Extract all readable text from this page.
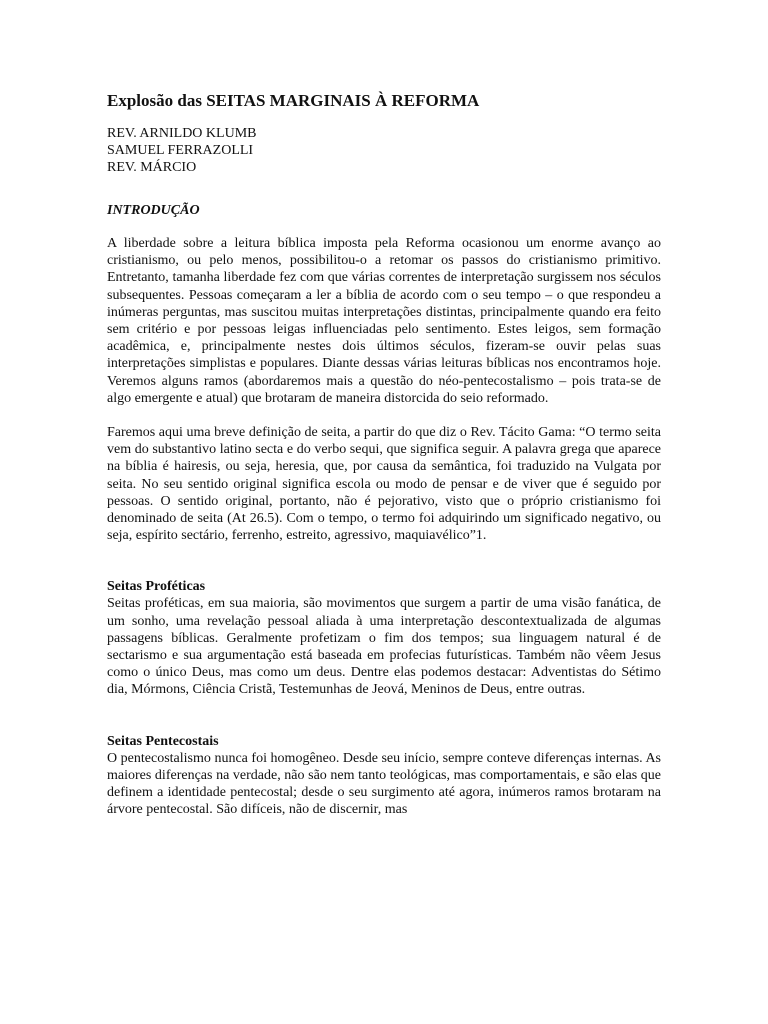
Explosão das SEITAS MARGINAIS À REFORMA
REV. ARNILDO KLUMB
SAMUEL FERRAZOLLI
REV. MÁRCIO
INTRODUÇÃO

A liberdade sobre a leitura bíblica imposta pela Reforma ocasionou um enorme avanço ao cristianismo, ou pelo menos, possibilitou-o a retomar os passos do cristianismo primitivo. Entretanto, tamanha liberdade fez com que várias correntes de interpretação surgissem nos séculos subsequentes. Pessoas começaram a ler a bíblia de acordo com o seu tempo – o que respondeu a inúmeras perguntas, mas suscitou muitas interpretações distintas, principalmente quando era feito sem critério e por pessoas leigas influenciadas pelo sentimento. Estes leigos, sem formação acadêmica, e, principalmente nestes dois últimos séculos, fizeram-se ouvir pelas suas interpretações simplistas e populares. Diante dessas várias leituras bíblicas nos encontramos hoje. Veremos alguns ramos (abordaremos mais a questão do néo-pentecostalismo – pois trata-se de algo emergente e atual) que brotaram de maneira distorcida do seio reformado.

Faremos aqui uma breve definição de seita, a partir do que diz o Rev. Tácito Gama: “O termo seita vem do substantivo latino secta e do verbo sequi, que significa seguir. A palavra grega que aparece na bíblia é hairesis, ou seja, heresia, que, por causa da semântica, foi traduzido na Vulgata por seita. No seu sentido original significa escola ou modo de pensar e de viver que é seguido por pessoas. O sentido original, portanto, não é pejorativo, visto que o próprio cristianismo foi denominado de seita (At 26.5). Com o tempo, o termo foi adquirindo um significado negativo, ou seja, espírito sectário, ferrenho, estreito, agressivo, maquiavélico”1.

Seitas Proféticas

Seitas proféticas, em sua maioria, são movimentos que surgem a partir de uma visão fanática, de um sonho, uma revelação pessoal aliada à uma interpretação descontextualizada de algumas passagens bíblicas. Geralmente profetizam o fim dos tempos; sua linguagem natural é de sectarismo e sua argumentação está baseada em profecias futurísticas. Também não vêem Jesus como o único Deus, mas como um deus. Dentre elas podemos destacar: Adventistas do Sétimo dia, Mórmons, Ciência Cristã, Testemunhas de Jeová, Meninos de Deus, entre outras.

Seitas Pentecostais

O pentecostalismo nunca foi homogêneo. Desde seu início, sempre conteve diferenças internas. As maiores diferenças na verdade, não são nem tanto teológicas, mas comportamentais, e são elas que definem a identidade pentecostal; desde o seu surgimento até agora, inúmeros ramos brotaram na árvore pentecostal. São difíceis, não de discernir, mas
